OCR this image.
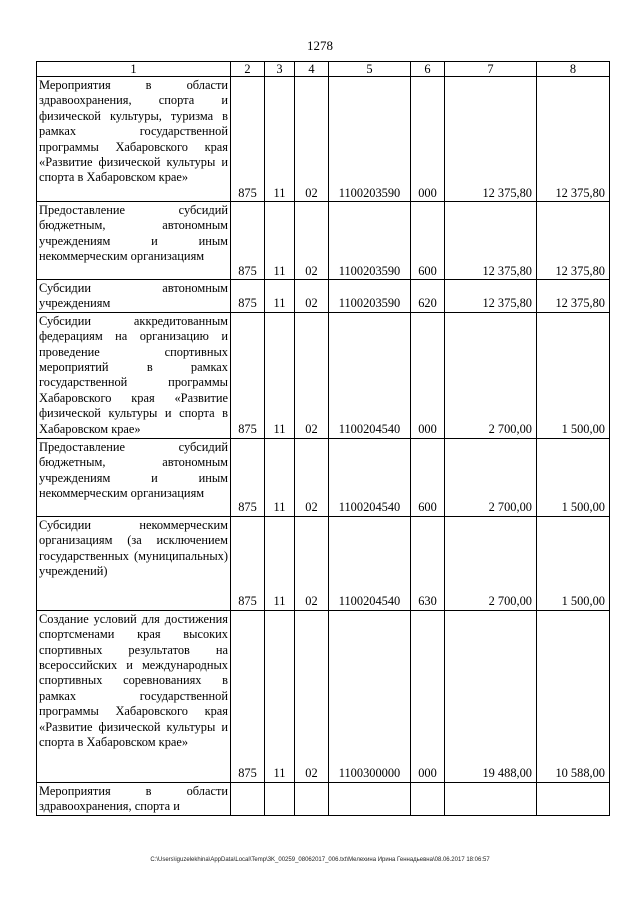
1278
1	2	3	4	5	6	7	8

Мероприятия в области здравоохранения, спорта и физической культуры, туризма в рамках государственной программы Хабаровского края «Развитие физической культуры и спорта в Хабаровском крае»	875	11	02	1100203590	000	12 375,80	12 375,80

Предоставление субсидий бюджетным, автономным учреждениям и иным некоммерческим организациям	875	11	02	1100203590	600	12 375,80	12 375,80

Субсидии автономным учреждениям	875	11	02	1100203590	620	12 375,80	12 375,80

Субсидии аккредитованным федерациям на организацию и проведение спортивных мероприятий в рамках государственной программы Хабаровского края «Развитие физической культуры и спорта в Хабаровском крае»	875	11	02	1100204540	000	2 700,00	1 500,00

Предоставление субсидий бюджетным, автономным учреждениям и иным некоммерческим организациям	875	11	02	1100204540	600	2 700,00	1 500,00

Субсидии некоммерческим организациям (за исключением государственных (муниципальных) учреждений)	875	11	02	1100204540	630	2 700,00	1 500,00

Создание условий для достижения спортсменами края высоких спортивных результатов на всероссийских и международных спортивных соревнованиях в рамках государственной программы Хабаровского края «Развитие физической культуры и спорта в Хабаровском крае»	875	11	02	1100300000	000	19 488,00	10 588,00

Мероприятия в области здравоохранения, спорта и							

C:\Users\iguzelekhina\AppData\Local\Temp\3K_00259_08062017_006.txt\Мелехина Ирина Геннадьевна\08.06.2017 18:06:57
